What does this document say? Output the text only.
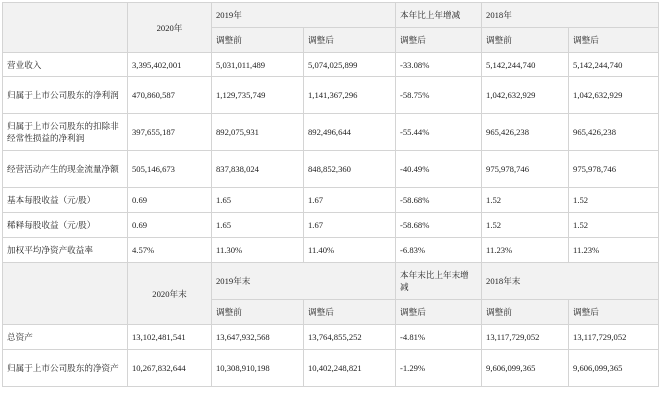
	2020年	2019年		本年比上年增减	2018年	
		调整前	调整后	调整后	调整前	调整后
营业收入	3,395,402,001	5,031,011,489	5,074,025,899	-33.08%	5,142,244,740	5,142,244,740
归属于上市公司股东的净利润	470,860,587	1,129,735,749	1,141,367,296	-58.75%	1,042,632,929	1,042,632,929
归属于上市公司股东的扣除非经常性损益的净利润	397,655,187	892,075,931	892,496,644	-55.44%	965,426,238	965,426,238
经营活动产生的现金流量净额	505,146,673	837,838,024	848,852,360	-40.49%	975,978,746	975,978,746
基本每股收益（元/股）	0.69	1.65	1.67	-58.68%	1.52	1.52
稀释每股收益（元/股）	0.69	1.65	1.67	-58.68%	1.52	1.52
加权平均净资产收益率	4.57%	11.30%	11.40%	-6.83%	11.23%	11.23%
	2020年末	2019年末		本年末比上年末增减	2018年末	
		调整前	调整后	调整后	调整前	调整后
总资产	13,102,481,541	13,647,932,568	13,764,855,252	-4.81%	13,117,729,052	13,117,729,052
归属于上市公司股东的净资产	10,267,832,644	10,308,910,198	10,402,248,821	-1.29%	9,606,099,365	9,606,099,365
